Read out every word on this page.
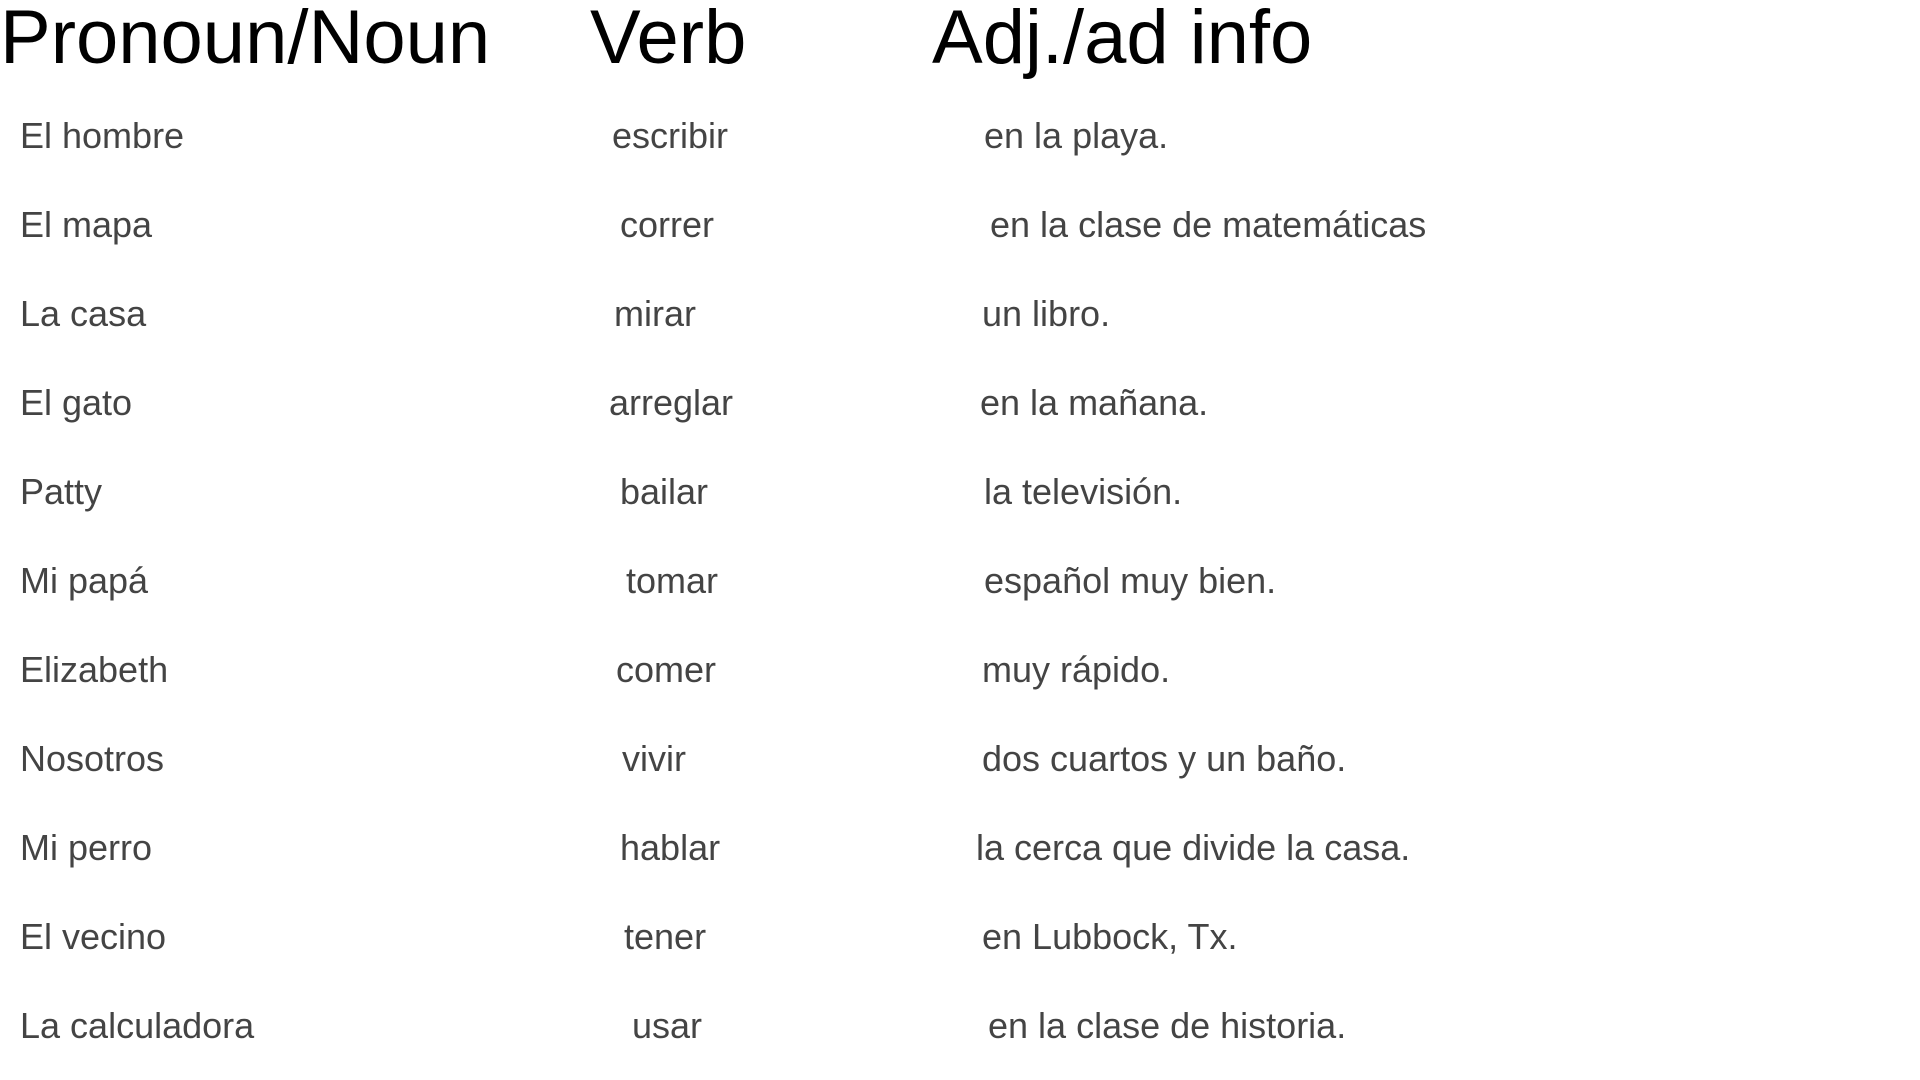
Pronoun/Noun Verb Adj./ad info
El hombre	escribir	en la playa.
El mapa	correr	en la clase de matemáticas
La casa	mirar	un libro.
El gato	arreglar	en la mañana.
Patty	bailar	la televisión.
Mi papá	tomar	español muy bien.
Elizabeth	comer	muy rápido.
Nosotros	vivir	dos cuartos y un baño.
Mi perro	hablar	la cerca que divide la casa.
El vecino	tener	en Lubbock, Tx.
La calculadora	usar	en la clase de historia.
